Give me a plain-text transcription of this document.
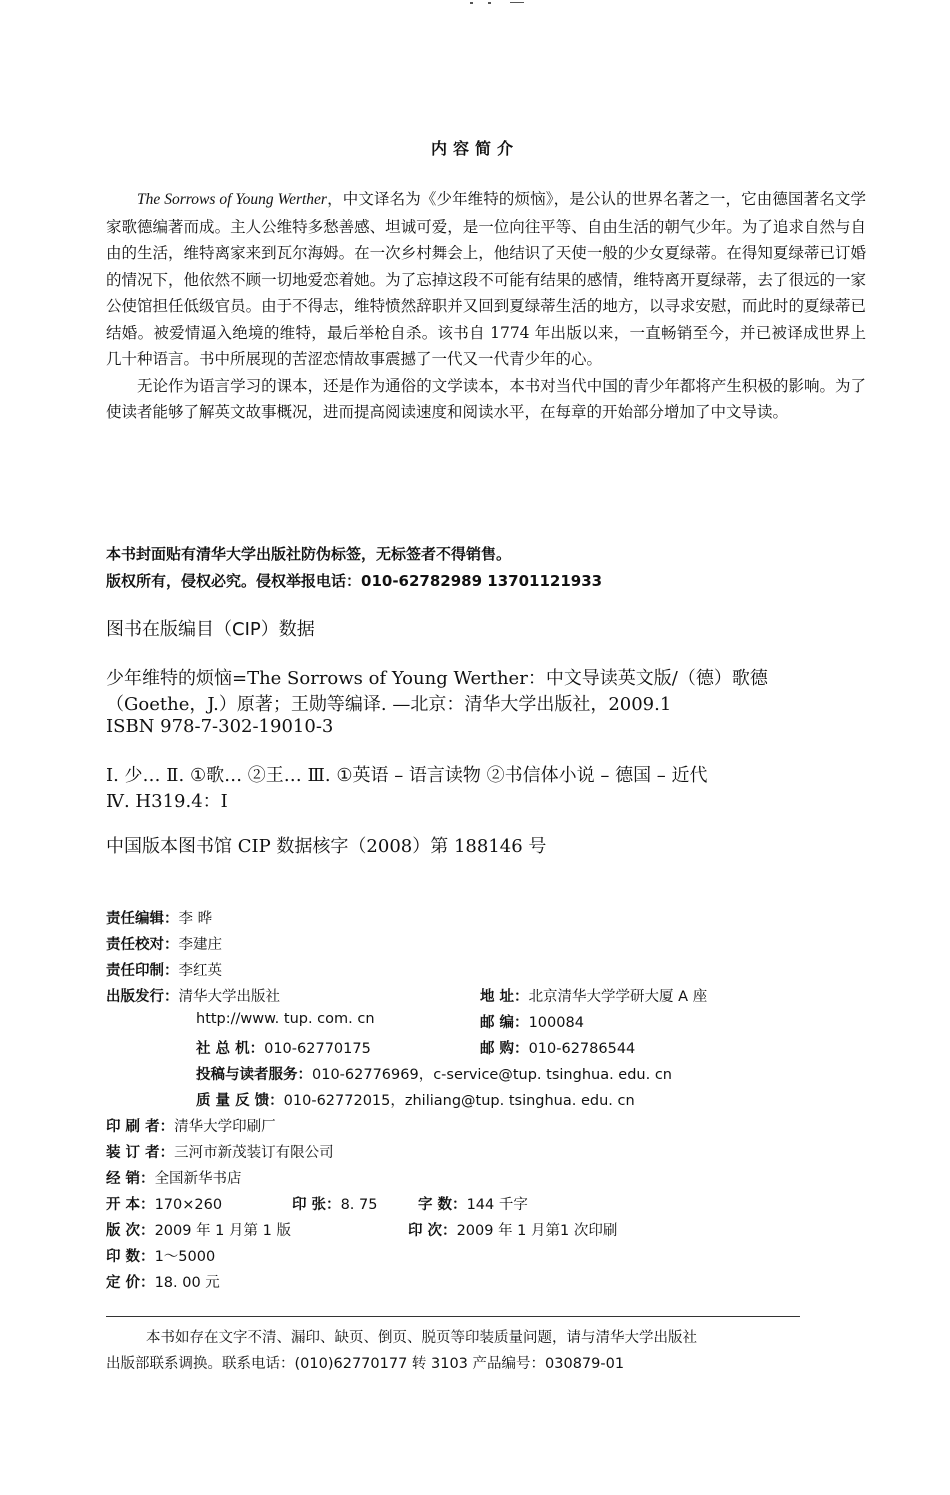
内容简介

The Sorrows of Young Werther，中文译名为《少年维特的烦恼》，是公认的世界名著之一，它由德国著名文学家歌德编著而成。主人公维特多愁善感、坦诚可爱，是一位向往平等、自由生活的朝气少年。为了追求自然与自由的生活，维特离家来到瓦尔海姆。在一次乡村舞会上，他结识了天使一般的少女夏绿蒂。在得知夏绿蒂已订婚的情况下，他依然不顾一切地爱恋着她。为了忘掉这段不可能有结果的感情，维特离开夏绿蒂，去了很远的一家公使馆担任低级官员。由于不得志，维特愤然辞职并又回到夏绿蒂生活的地方，以寻求安慰，而此时的夏绿蒂已结婚。被爱情逼入绝境的维特，最后举枪自杀。该书自 1774 年出版以来，一直畅销至今，并已被译成世界上几十种语言。书中所展现的苦涩恋情故事震撼了一代又一代青少年的心。

无论作为语言学习的课本，还是作为通俗的文学读本，本书对当代中国的青少年都将产生积极的影响。为了使读者能够了解英文故事概况，进而提高阅读速度和阅读水平，在每章的开始部分增加了中文导读。

本书封面贴有清华大学出版社防伪标签，无标签者不得销售。
版权所有，侵权必究。侵权举报电话：010-62782989 13701121933
图书在版编目（CIP）数据
少年维特的烦恼=The Sorrows of Young Werther：中文导读英文版/（德）歌德
（Goethe，J.）原著；王勋等编译. —北京：清华大学出版社，2009.1
ISBN 978-7-302-19010-3
Ⅰ. 少… Ⅱ. ①歌… ②王… Ⅲ. ①英语 – 语言读物 ②书信体小说 – 德国 – 近代
Ⅳ. H319.4：I
中国版本图书馆 CIP 数据核字（2008）第 188146 号
责任编辑：李 晔
责任校对：李建庄
责任印制：李红英
出版发行：清华大学出版社	地 址：北京清华大学学研大厦 A 座
http://www. tup. com. cn	邮 编：100084
社 总 机：010-62770175	邮 购：010-62786544
投稿与读者服务：010-62776969，c-service@tup. tsinghua. edu. cn
质 量 反 馈：010-62772015，zhiliang@tup. tsinghua. edu. cn
印 刷 者：清华大学印刷厂
装 订 者：三河市新茂装订有限公司
经 销：全国新华书店
开 本：170×260	印 张：8. 75	字 数：144 千字
版 次：2009 年 1 月第 1 版	印 次：2009 年 1 月第1 次印刷
印 数：1～5000
定 价：18. 00 元
本书如存在文字不清、漏印、缺页、倒页、脱页等印装质量问题，请与清华大学出版社
出版部联系调换。联系电话：(010)62770177 转 3103 产品编号：030879-01
